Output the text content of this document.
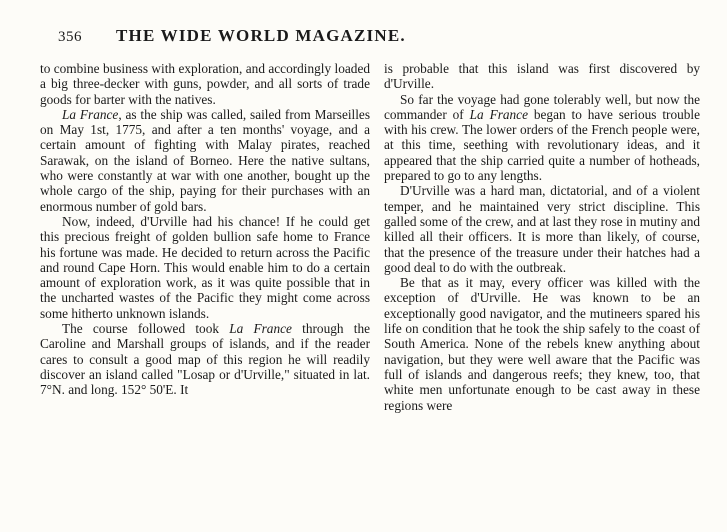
356	THE WIDE WORLD MAGAZINE.

to combine business with exploration, and accordingly loaded a big three-decker with guns, powder, and all sorts of trade goods for barter with the natives.

La France, as the ship was called, sailed from Marseilles on May 1st, 1775, and after a ten months' voyage, and a certain amount of fighting with Malay pirates, reached Sarawak, on the island of Borneo. Here the native sultans, who were constantly at war with one another, bought up the whole cargo of the ship, paying for their purchases with an enormous number of gold bars.

Now, indeed, d'Urville had his chance! If he could get this precious freight of golden bullion safe home to France his fortune was made. He decided to return across the Pacific and round Cape Horn. This would enable him to do a certain amount of exploration work, as it was quite possible that in the uncharted wastes of the Pacific they might come across some hitherto unknown islands.

The course followed took La France through the Caroline and Marshall groups of islands, and if the reader cares to consult a good map of this region he will readily discover an island called "Losap or d'Urville," situated in lat. 7°N. and long. 152° 50'E. It

is probable that this island was first discovered by d'Urville.

So far the voyage had gone tolerably well, but now the commander of La France began to have serious trouble with his crew. The lower orders of the French people were, at this time, seething with revolutionary ideas, and it appeared that the ship carried quite a number of hotheads, prepared to go to any lengths.

D'Urville was a hard man, dictatorial, and of a violent temper, and he maintained very strict discipline. This galled some of the crew, and at last they rose in mutiny and killed all their officers. It is more than likely, of course, that the presence of the treasure under their hatches had a good deal to do with the outbreak.

Be that as it may, every officer was killed with the exception of d'Urville. He was known to be an exceptionally good navigator, and the mutineers spared his life on condition that he took the ship safely to the coast of South America. None of the rebels knew anything about navigation, but they were well aware that the Pacific was full of islands and dangerous reefs; they knew, too, that white men unfortunate enough to be cast away in these regions were
